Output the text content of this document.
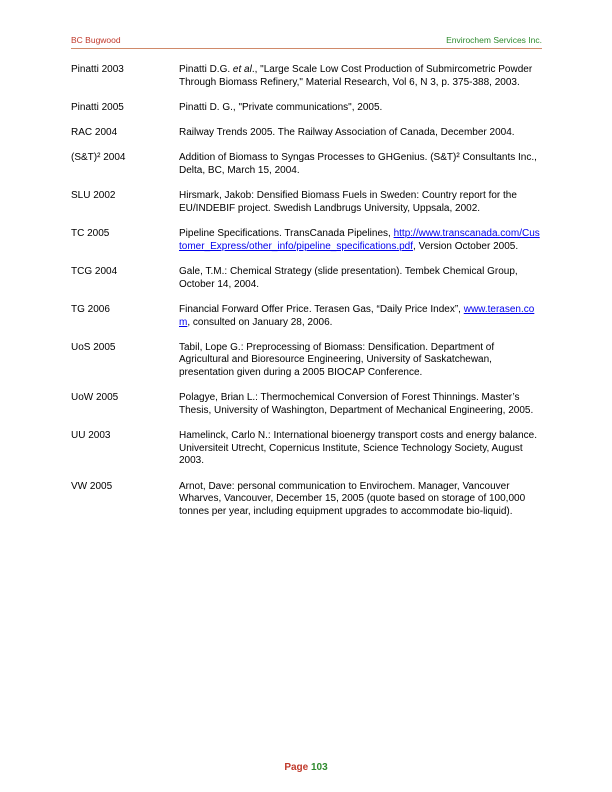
BC Bugwood	Envirochem Services Inc.
Pinatti 2003	Pinatti D.G. et al., "Large Scale Low Cost Production of Submircometric Powder Through Biomass Refinery," Material Research, Vol 6, N 3, p. 375-388, 2003.
Pinatti 2005	Pinatti D. G., "Private communications", 2005.
RAC 2004	Railway Trends 2005. The Railway Association of Canada, December 2004.
(S&T)² 2004	Addition of Biomass to Syngas Processes to GHGenius. (S&T)² Consultants Inc., Delta, BC, March 15, 2004.
SLU 2002	Hirsmark, Jakob: Densified Biomass Fuels in Sweden: Country report for the EU/INDEBIF project. Swedish Landbrugs University, Uppsala, 2002.
TC 2005	Pipeline Specifications. TransCanada Pipelines, http://www.transcanada.com/Customer_Express/other_info/pipeline_specifications.pdf, Version October 2005.
TCG 2004	Gale, T.M.: Chemical Strategy (slide presentation). Tembek Chemical Group, October 14, 2004.
TG 2006	Financial Forward Offer Price. Terasen Gas, “Daily Price Index”, www.terasen.com, consulted on January 28, 2006.
UoS 2005	Tabil, Lope G.: Preprocessing of Biomass: Densification. Department of Agricultural and Bioresource Engineering, University of Saskatchewan, presentation given during a 2005 BIOCAP Conference.
UoW 2005	Polagye, Brian L.: Thermochemical Conversion of Forest Thinnings. Master’s Thesis, University of Washington, Department of Mechanical Engineering, 2005.
UU 2003	Hamelinck, Carlo N.: International bioenergy transport costs and energy balance. Universiteit Utrecht, Copernicus Institute, Science Technology Society, August 2003.
VW 2005	Arnot, Dave: personal communication to Envirochem. Manager, Vancouver Wharves, Vancouver, December 15, 2005 (quote based on storage of 100,000 tonnes per year, including equipment upgrades to accommodate bio-liquid).
Page 103
